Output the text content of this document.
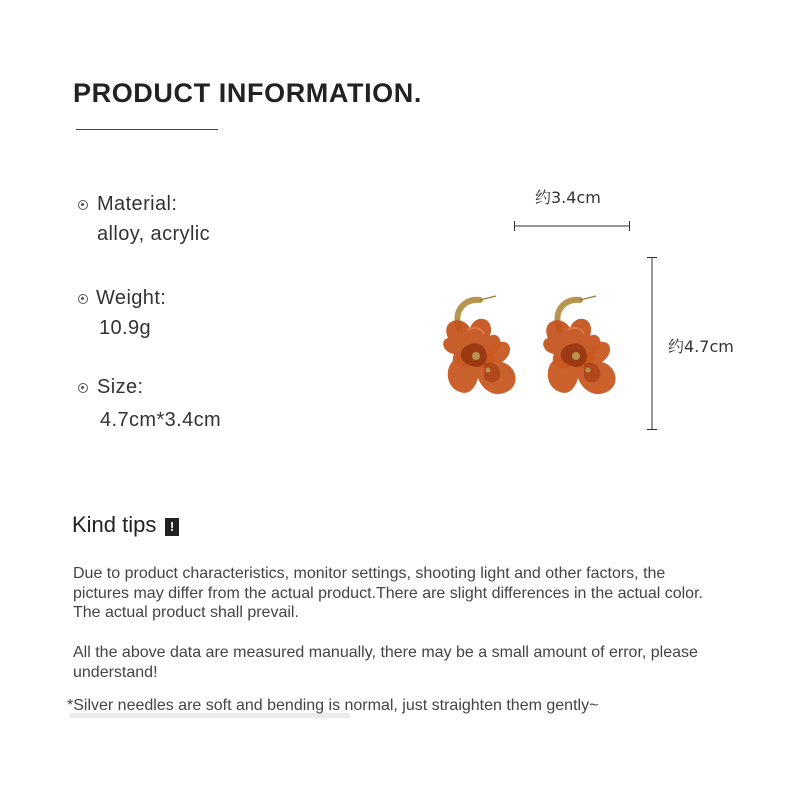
PRODUCT INFORMATION.
Material:
alloy, acrylic
Weight:
10.9g
Size:
4.7cm*3.4cm
约3.4cm
约4.7cm
Kind tips	!
Due to product characteristics, monitor settings, shooting light and other factors, the pictures may differ from the actual product.There are slight differences in the actual color. The actual product shall prevail.
All the above data are measured manually, there may be a small amount of error, please understand!
*Silver needles are soft and bending is normal, just straighten them gently~
